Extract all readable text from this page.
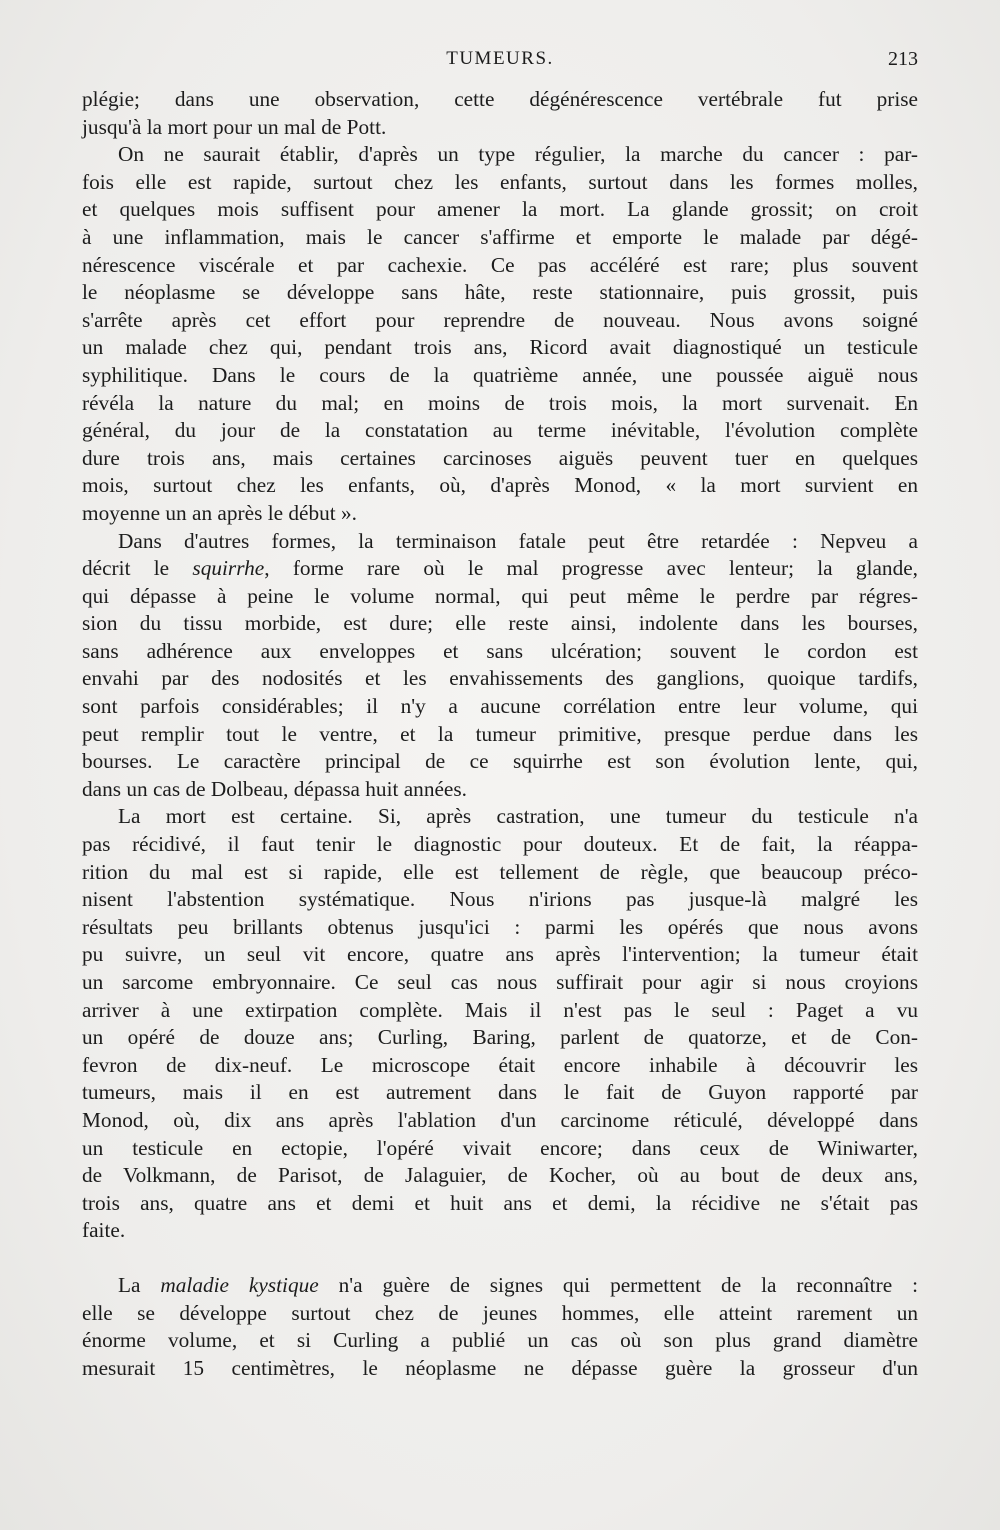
TUMEURS.	213
plégie; dans une observation, cette dégénérescence vertébrale fut prise
jusqu'à la mort pour un mal de Pott.
On ne saurait établir, d'après un type régulier, la marche du cancer : par-
fois elle est rapide, surtout chez les enfants, surtout dans les formes molles,
et quelques mois suffisent pour amener la mort. La glande grossit; on croit
à une inflammation, mais le cancer s'affirme et emporte le malade par dégé-
nérescence viscérale et par cachexie. Ce pas accéléré est rare; plus souvent
le néoplasme se développe sans hâte, reste stationnaire, puis grossit, puis
s'arrête après cet effort pour reprendre de nouveau. Nous avons soigné
un malade chez qui, pendant trois ans, Ricord avait diagnostiqué un testicule
syphilitique. Dans le cours de la quatrième année, une poussée aiguë nous
révéla la nature du mal; en moins de trois mois, la mort survenait. En
général, du jour de la constatation au terme inévitable, l'évolution complète
dure trois ans, mais certaines carcinoses aiguës peuvent tuer en quelques
mois, surtout chez les enfants, où, d'après Monod, « la mort survient en
moyenne un an après le début ».
Dans d'autres formes, la terminaison fatale peut être retardée : Nepveu a
décrit le squirrhe, forme rare où le mal progresse avec lenteur; la glande,
qui dépasse à peine le volume normal, qui peut même le perdre par régres-
sion du tissu morbide, est dure; elle reste ainsi, indolente dans les bourses,
sans adhérence aux enveloppes et sans ulcération; souvent le cordon est
envahi par des nodosités et les envahissements des ganglions, quoique tardifs,
sont parfois considérables; il n'y a aucune corrélation entre leur volume, qui
peut remplir tout le ventre, et la tumeur primitive, presque perdue dans les
bourses. Le caractère principal de ce squirrhe est son évolution lente, qui,
dans un cas de Dolbeau, dépassa huit années.
La mort est certaine. Si, après castration, une tumeur du testicule n'a
pas récidivé, il faut tenir le diagnostic pour douteux. Et de fait, la réappa-
rition du mal est si rapide, elle est tellement de règle, que beaucoup préco-
nisent l'abstention systématique. Nous n'irions pas jusque-là malgré les
résultats peu brillants obtenus jusqu'ici : parmi les opérés que nous avons
pu suivre, un seul vit encore, quatre ans après l'intervention; la tumeur était
un sarcome embryonnaire. Ce seul cas nous suffirait pour agir si nous croyions
arriver à une extirpation complète. Mais il n'est pas le seul : Paget a vu
un opéré de douze ans; Curling, Baring, parlent de quatorze, et de Con-
fevron de dix-neuf. Le microscope était encore inhabile à découvrir les
tumeurs, mais il en est autrement dans le fait de Guyon rapporté par
Monod, où, dix ans après l'ablation d'un carcinome réticulé, développé dans
un testicule en ectopie, l'opéré vivait encore; dans ceux de Winiwarter,
de Volkmann, de Parisot, de Jalaguier, de Kocher, où au bout de deux ans,
trois ans, quatre ans et demi et huit ans et demi, la récidive ne s'était pas
faite.
La maladie kystique n'a guère de signes qui permettent de la reconnaître :
elle se développe surtout chez de jeunes hommes, elle atteint rarement un
énorme volume, et si Curling a publié un cas où son plus grand diamètre
mesurait 15 centimètres, le néoplasme ne dépasse guère la grosseur d'un
